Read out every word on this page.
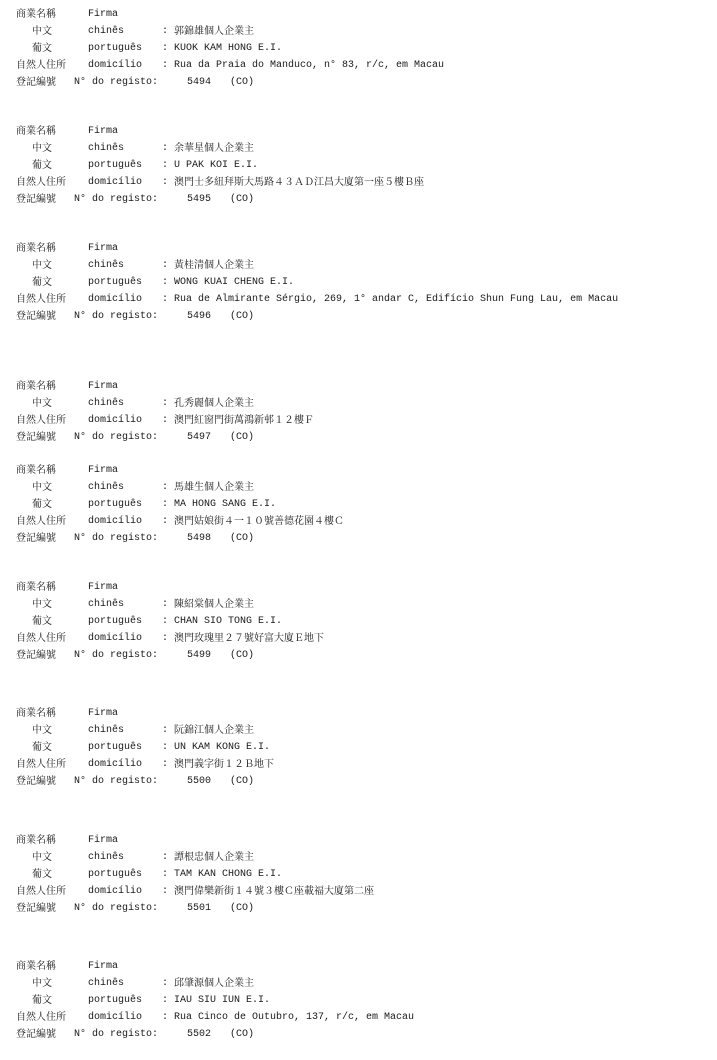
商業名稱	Firma
中文	chinês	: 郭錦雄個人企業主
葡文	português : KUOK KAM HONG E.I.
自然人住所 domicílio : Rua da Praia do Manduco, n° 83, r/c, em Macau
登記編號 N° do registo:	5494 (CO)
商業名稱	Firma
中文	chinês	: 余華星個人企業主
葡文	português : U PAK KOI E.I.
自然人住所 domicílio : 澳門士多紐拜斯大馬路４３ＡＤ江昌大廈第一座５樓Ｂ座
登記編號 N° do registo:	5495 (CO)
商業名稱	Firma
中文	chinês	: 黃桂清個人企業主
葡文	português : WONG KUAI CHENG E.I.
自然人住所 domicílio : Rua de Almirante Sérgio, 269, 1° andar C, Edifício Shun Fung Lau, em Macau
登記編號 N° do registo:	5496 (CO)
商業名稱	Firma
中文	chinês	: 孔秀麗個人企業主
自然人住所 domicílio : 澳門紅窗門街萬鴻新邨１２樓Ｆ
登記編號 N° do registo:	5497 (CO)
商業名稱	Firma
中文	chinês	: 馬雄生個人企業主
葡文	português : MA HONG SANG E.I.
自然人住所 domicílio : 澳門姑娘街４一１０號善德花園４樓Ｃ
登記編號 N° do registo:	5498 (CO)
商業名稱	Firma
中文	chinês	: 陳紹棠個人企業主
葡文	português : CHAN SIO TONG E.I.
自然人住所 domicílio : 澳門玫瑰里２７號好富大廈Ｅ地下
登記編號 N° do registo:	5499 (CO)
商業名稱	Firma
中文	chinês	: 阮錦江個人企業主
葡文	português : UN KAM KONG E.I.
自然人住所 domicílio : 澳門義字街１２Ｂ地下
登記編號 N° do registo:	5500 (CO)
商業名稱	Firma
中文	chinês	: 譚根忠個人企業主
葡文	português : TAM KAN CHONG E.I.
自然人住所 domicílio : 澳門偉樂新街１４號３樓Ｃ座載福大廈第二座
登記編號 N° do registo:	5501 (CO)
商業名稱	Firma
中文	chinês	: 邱肇源個人企業主
葡文	português : IAU SIU IUN E.I.
自然人住所 domicílio : Rua Cinco de Outubro, 137, r/c, em Macau
登記編號 N° do registo:	5502 (CO)
